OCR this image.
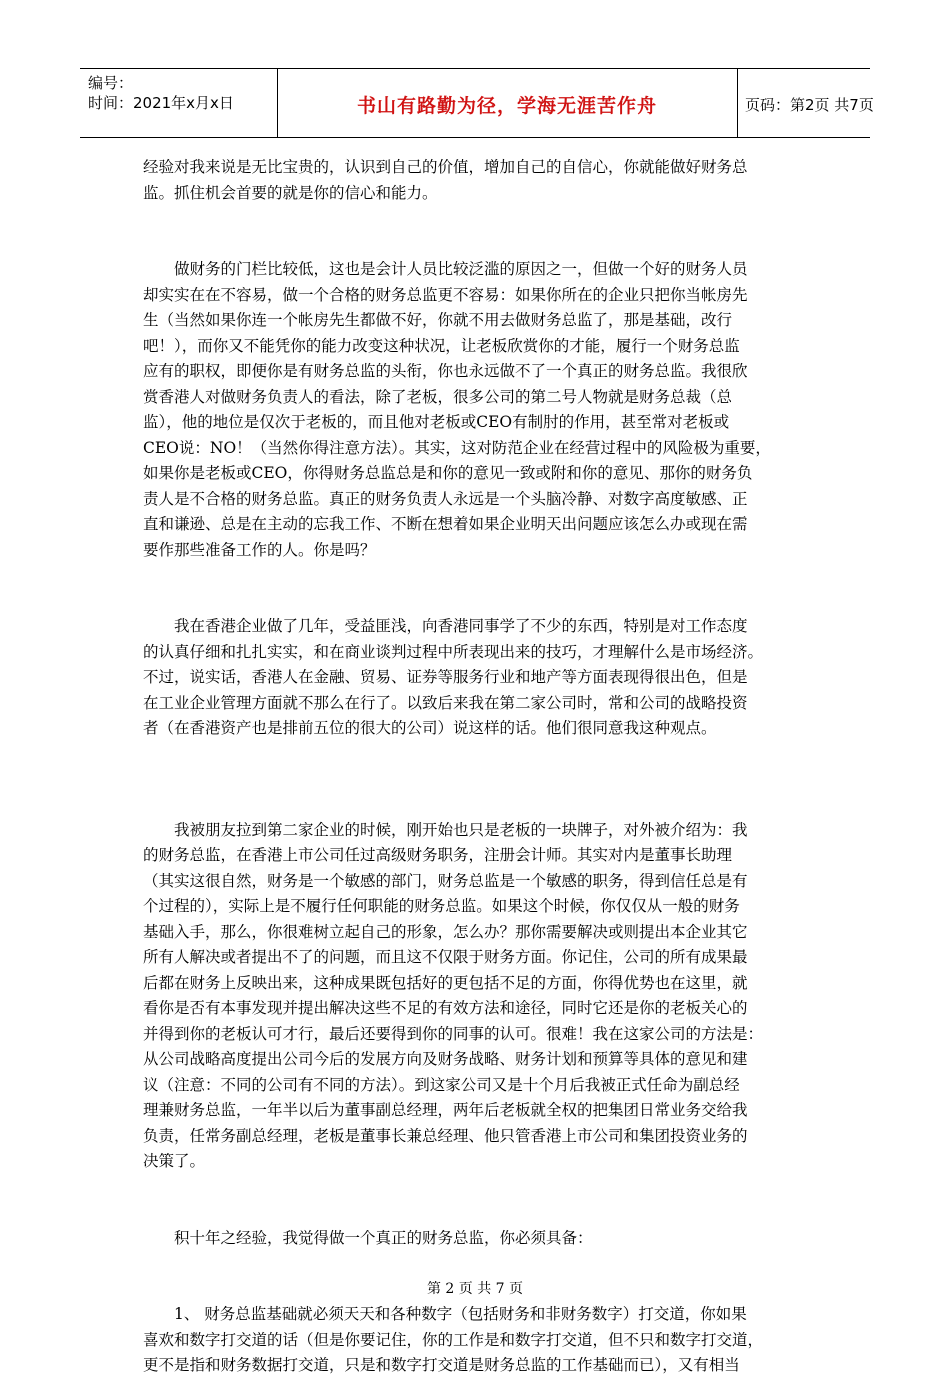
编号：
时间：2021年x月x日	书山有路勤为径，学海无涯苦作舟	页码：第2页 共7页

经验对我来说是无比宝贵的，认识到自己的价值，增加自己的自信心，你就能做好财务总
监。抓住机会首要的就是你的信心和能力。

　　做财务的门栏比较低，这也是会计人员比较泛滥的原因之一，但做一个好的财务人员
却实实在在不容易，做一个合格的财务总监更不容易：如果你所在的企业只把你当帐房先
生（当然如果你连一个帐房先生都做不好，你就不用去做财务总监了，那是基础，改行
吧！），而你又不能凭你的能力改变这种状况，让老板欣赏你的才能，履行一个财务总监
应有的职权，即便你是有财务总监的头衔，你也永远做不了一个真正的财务总监。我很欣
赏香港人对做财务负责人的看法，除了老板，很多公司的第二号人物就是财务总裁（总
监），他的地位是仅次于老板的，而且他对老板或CEO有制肘的作用，甚至常对老板或
CEO说：NO！（当然你得注意方法）。其实，这对防范企业在经营过程中的风险极为重要，
如果你是老板或CEO，你得财务总监总是和你的意见一致或附和你的意见、那你的财务负
责人是不合格的财务总监。真正的财务负责人永远是一个头脑冷静、对数字高度敏感、正
直和谦逊、总是在主动的忘我工作、不断在想着如果企业明天出问题应该怎么办或现在需
要作那些准备工作的人。你是吗？

　　我在香港企业做了几年，受益匪浅，向香港同事学了不少的东西，特别是对工作态度
的认真仔细和扎扎实实，和在商业谈判过程中所表现出来的技巧，才理解什么是市场经济。
不过，说实话，香港人在金融、贸易、证券等服务行业和地产等方面表现得很出色，但是
在工业企业管理方面就不那么在行了。以致后来我在第二家公司时，常和公司的战略投资
者（在香港资产也是排前五位的很大的公司）说这样的话。他们很同意我这种观点。

　　我被朋友拉到第二家企业的时候，刚开始也只是老板的一块牌子，对外被介绍为：我
的财务总监，在香港上市公司任过高级财务职务，注册会计师。其实对内是董事长助理
（其实这很自然，财务是一个敏感的部门，财务总监是一个敏感的职务，得到信任总是有
个过程的），实际上是不履行任何职能的财务总监。如果这个时候，你仅仅从一般的财务
基础入手，那么，你很难树立起自己的形象，怎么办？那你需要解决或则提出本企业其它
所有人解决或者提出不了的问题，而且这不仅限于财务方面。你记住，公司的所有成果最
后都在财务上反映出来，这种成果既包括好的更包括不足的方面，你得优势也在这里，就
看你是否有本事发现并提出解决这些不足的有效方法和途径，同时它还是你的老板关心的
并得到你的老板认可才行，最后还要得到你的同事的认可。很难！我在这家公司的方法是：
从公司战略高度提出公司今后的发展方向及财务战略、财务计划和预算等具体的意见和建
议（注意：不同的公司有不同的方法）。到这家公司又是十个月后我被正式任命为副总经
理兼财务总监，一年半以后为董事副总经理，两年后老板就全权的把集团日常业务交给我
负责，任常务副总经理，老板是董事长兼总经理、他只管香港上市公司和集团投资业务的
决策了。

　　积十年之经验，我觉得做一个真正的财务总监，你必须具备：

　　1、 财务总监基础就必须天天和各种数字（包括财务和非财务数字）打交道，你如果
喜欢和数字打交道的话（但是你要记住，你的工作是和数字打交道，但不只和数字打交道，
更不是指和财务数据打交道，只是和数字打交道是财务总监的工作基础而已），又有相当

第 2 页 共 7 页
